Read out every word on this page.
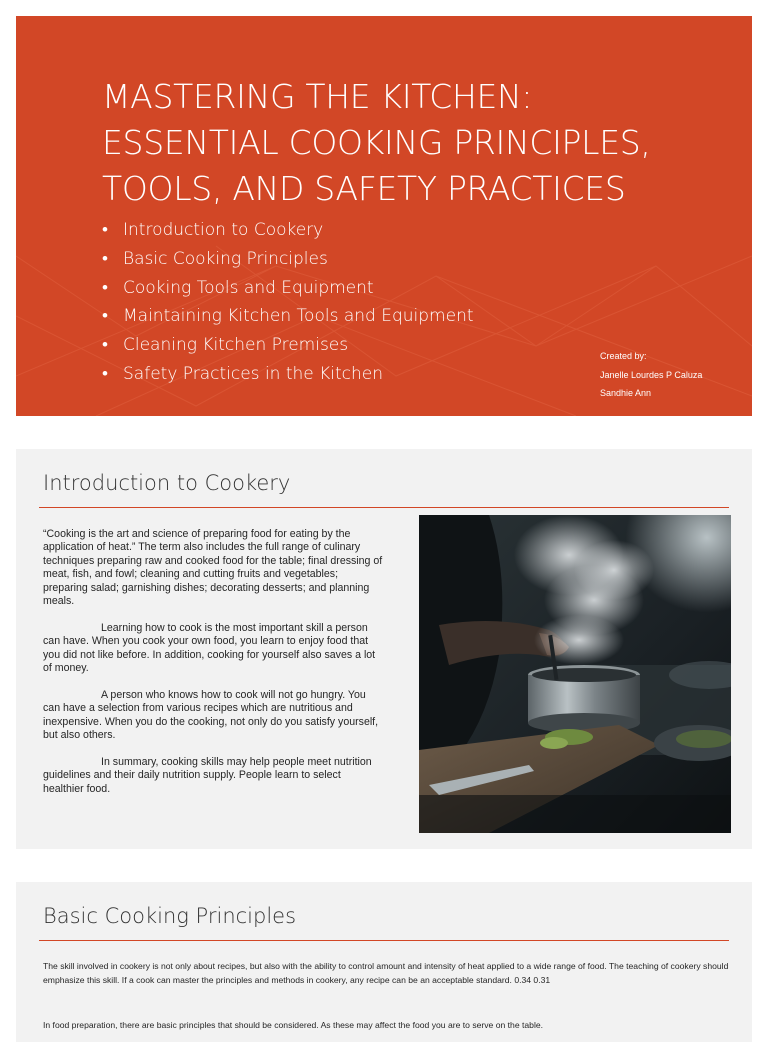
MASTERING THE KITCHEN:
ESSENTIAL COOKING PRINCIPLES,
TOOLS, AND SAFETY PRACTICES
• Introduction to Cookery
• Basic Cooking Principles
• Cooking Tools and Equipment
• Maintaining Kitchen Tools and Equipment
• Cleaning Kitchen Premises
• Safety Practices in the Kitchen
Created by:
Janelle Lourdes P Caluza
Sandhie Ann
Introduction to Cookery

“Cooking is the art and science of preparing food for eating by the application of heat.” The term also includes the full range of culinary techniques preparing raw and cooked food for the table; final dressing of meat, fish, and fowl; cleaning and cutting fruits and vegetables; preparing salad; garnishing dishes; decorating desserts; and planning meals.

Learning how to cook is the most important skill a person can have. When you cook your own food, you learn to enjoy food that you did not like before. In addition, cooking for yourself also saves a lot of money.

A person who knows how to cook will not go hungry. You can have a selection from various recipes which are nutritious and inexpensive. When you do the cooking, not only do you satisfy yourself, but also others.

In summary, cooking skills may help people meet nutrition guidelines and their daily nutrition supply. People learn to select healthier food.

Basic Cooking Principles

The skill involved in cookery is not only about recipes, but also with the ability to control amount and intensity of heat applied to a wide range of food. The teaching of cookery should emphasize this skill. If a cook can master the principles and methods in cookery, any recipe can be an acceptable standard. 0.34 0.31

In food preparation, there are basic principles that should be considered. As these may affect the food you are to serve on the table.
